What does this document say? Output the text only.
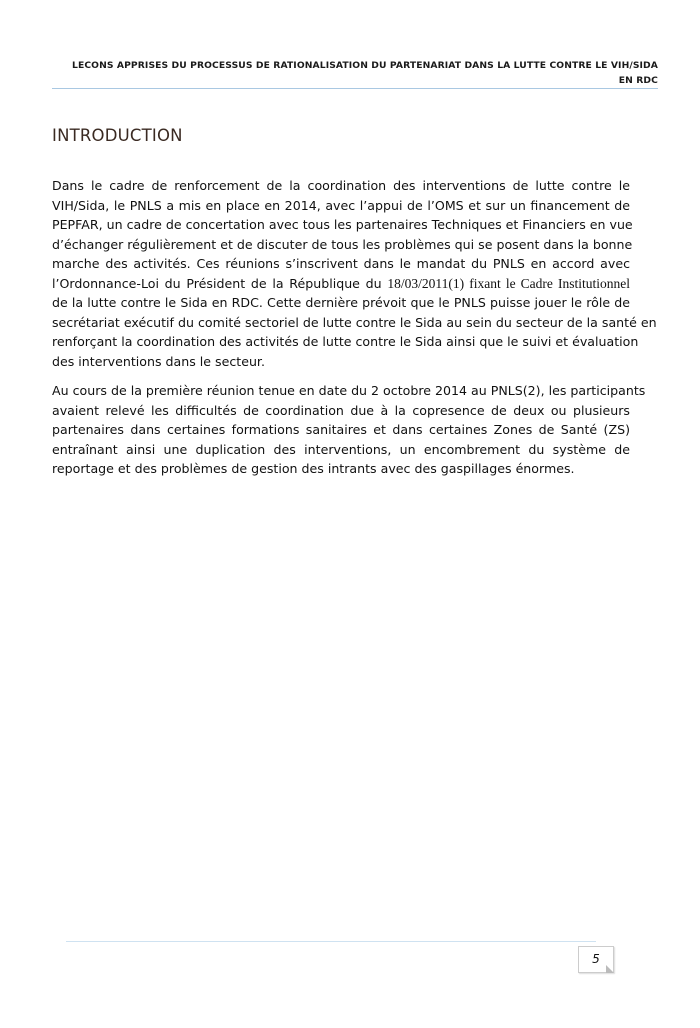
LECONS APPRISES DU PROCESSUS DE RATIONALISATION DU PARTENARIAT DANS LA LUTTE CONTRE LE VIH/SIDA
EN RDC
INTRODUCTION
Dans le cadre de renforcement de la coordination des interventions de lutte contre le
VIH/Sida, le PNLS a mis en place en 2014, avec l’appui de l’OMS et sur un financement de
PEPFAR, un cadre de concertation avec tous les partenaires Techniques et Financiers en vue
d’échanger régulièrement et de discuter de tous les problèmes qui se posent dans la bonne
marche des activités. Ces réunions s’inscrivent dans le mandat du PNLS en accord avec
l’Ordonnance-Loi du Président de la République du 18/03/2011(1) fixant le Cadre Institutionnel
de la lutte contre le Sida en RDC. Cette dernière prévoit que le PNLS puisse jouer le rôle de
secrétariat exécutif du comité sectoriel de lutte contre le Sida au sein du secteur de la santé en
renforçant la coordination des activités de lutte contre le Sida ainsi que le suivi et évaluation
des interventions dans le secteur.
Au cours de la première réunion tenue en date du 2 octobre 2014 au PNLS(2), les participants
avaient relevé les difficultés de coordination due à la copresence de deux ou plusieurs
partenaires dans certaines formations sanitaires et dans certaines Zones de Santé (ZS)
entraînant ainsi une duplication des interventions, un encombrement du système de
reportage et des problèmes de gestion des intrants avec des gaspillages énormes.
5
